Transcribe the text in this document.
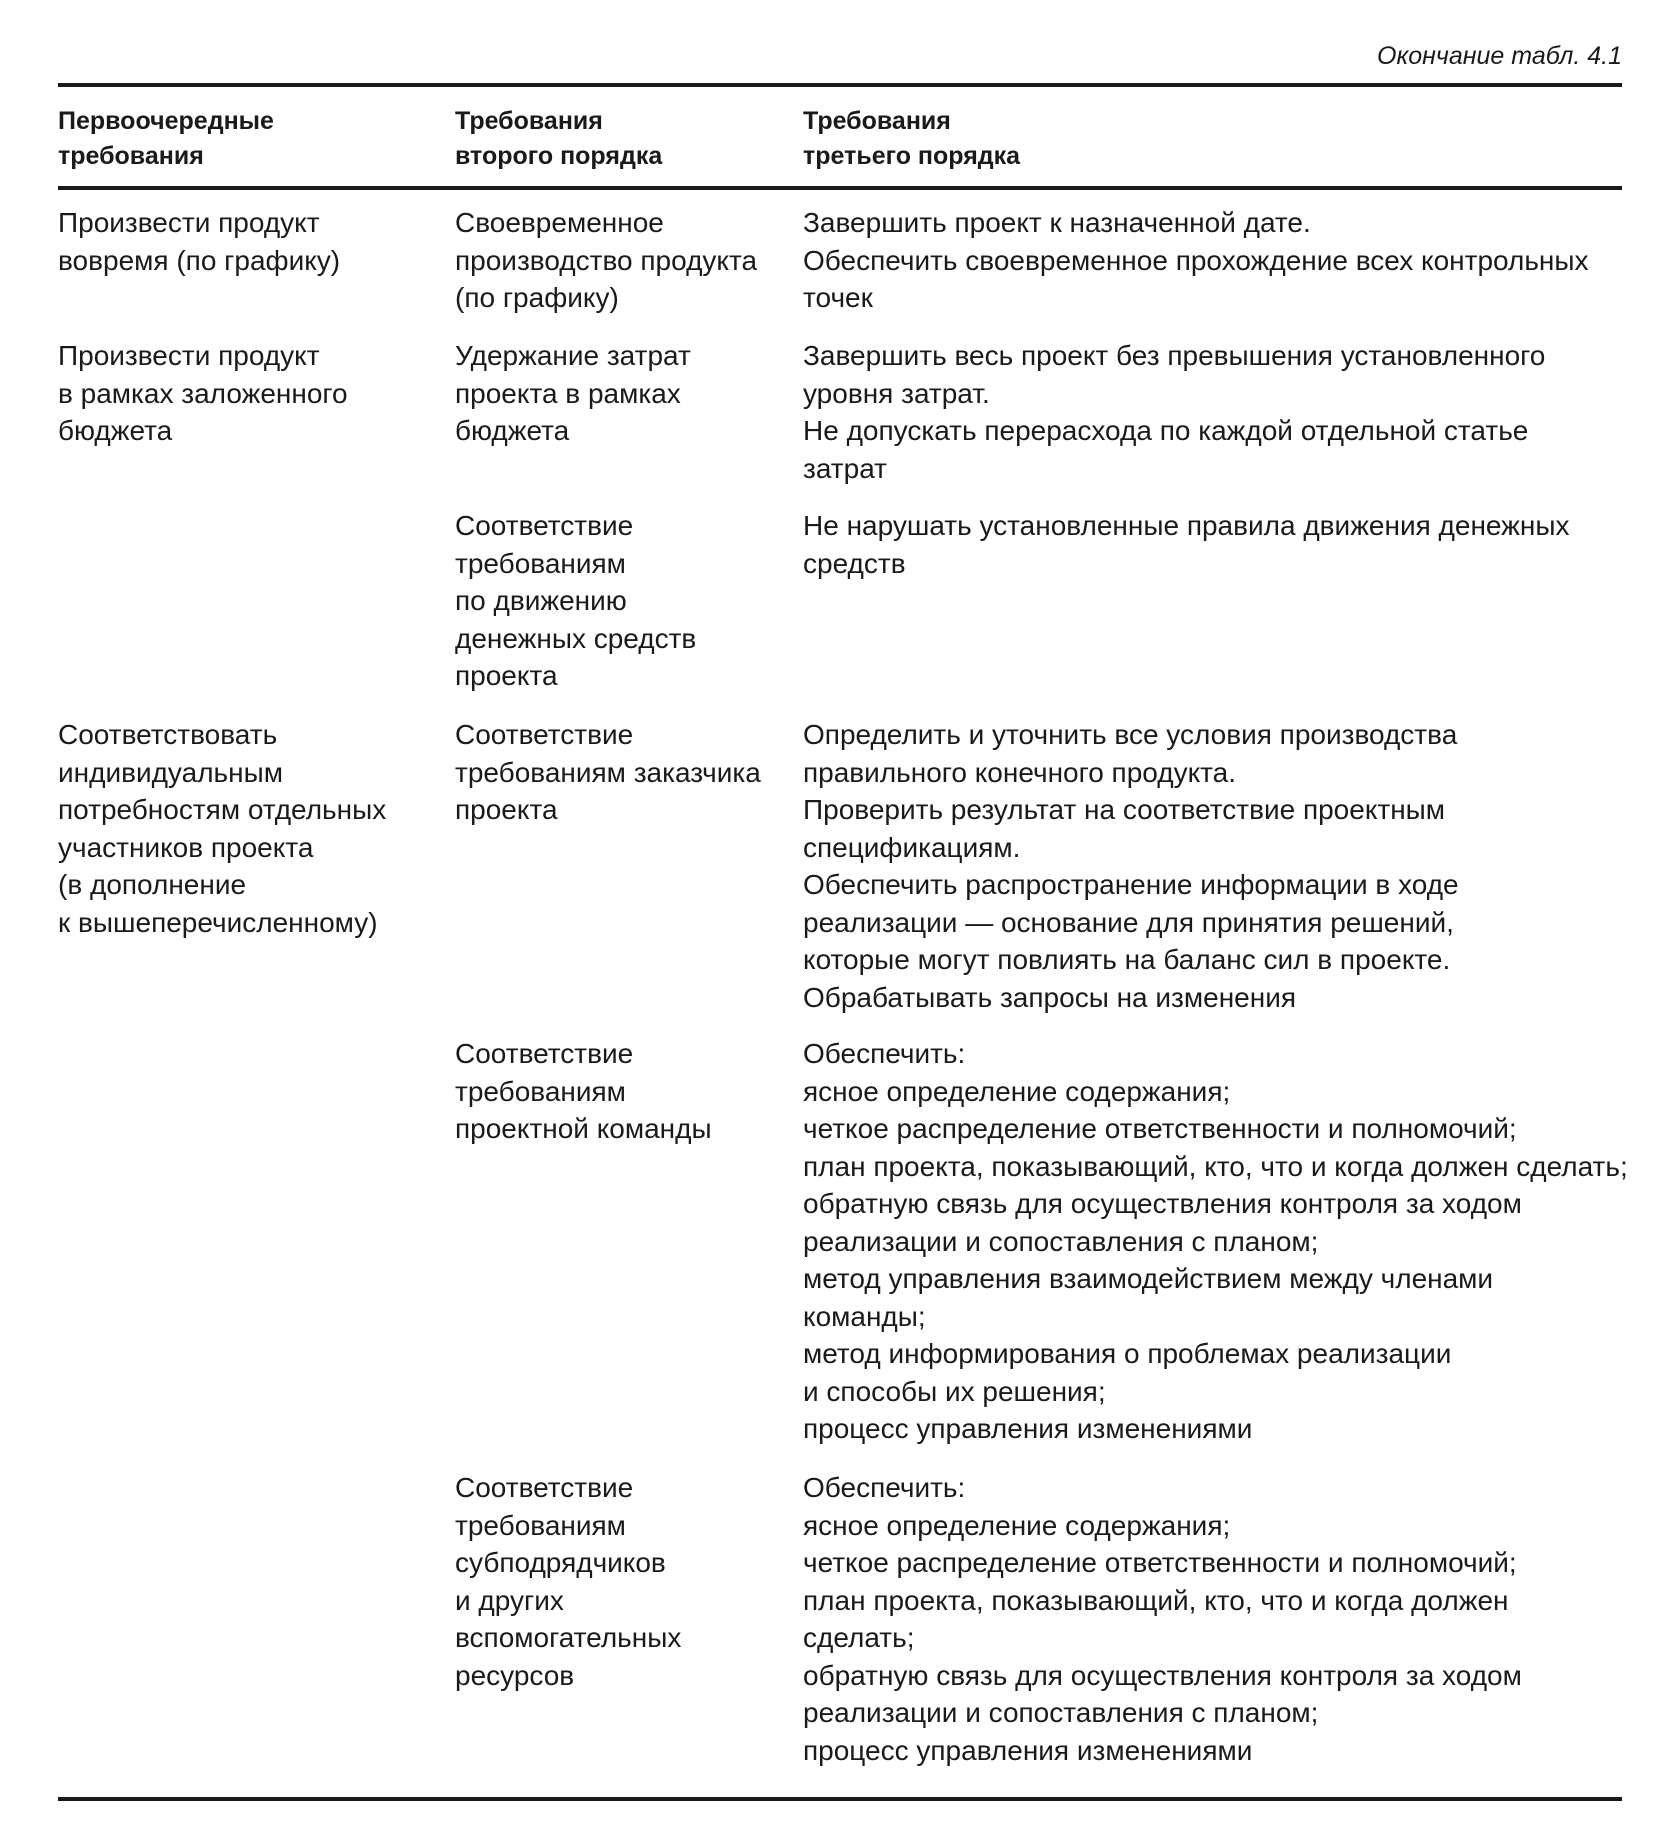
Окончание табл. 4.1
Первоочередные
требования
Требования
второго порядка
Требования
третьего порядка
Произвести продукт
вовремя (по графику)
Своевременное
производство продукта
(по графику)
Завершить проект к назначенной дате.
Обеспечить своевременное прохождение всех контрольных
точек
Произвести продукт
в рамках заложенного
бюджета
Удержание затрат
проекта в рамках
бюджета
Завершить весь проект без превышения установленного
уровня затрат.
Не допускать перерасхода по каждой отдельной статье
затрат
Соответствие
требованиям
по движению
денежных средств
проекта
Не нарушать установленные правила движения денежных
средств
Соответствовать
индивидуальным
потребностям отдельных
участников проекта
(в дополнение
к вышеперечисленному)
Соответствие
требованиям заказчика
проекта
Определить и уточнить все условия производства
правильного конечного продукта.
Проверить результат на соответствие проектным
спецификациям.
Обеспечить распространение информации в ходе
реализации — основание для принятия решений,
которые могут повлиять на баланс сил в проекте.
Обрабатывать запросы на изменения
Соответствие
требованиям
проектной команды
Обеспечить:
ясное определение содержания;
четкое распределение ответственности и полномочий;
план проекта, показывающий, кто, что и когда должен сделать;
обратную связь для осуществления контроля за ходом
реализации и сопоставления с планом;
метод управления взаимодействием между членами
команды;
метод информирования о проблемах реализации
и способы их решения;
процесс управления изменениями
Соответствие
требованиям
субподрядчиков
и других
вспомогательных
ресурсов
Обеспечить:
ясное определение содержания;
четкое распределение ответственности и полномочий;
план проекта, показывающий, кто, что и когда должен
сделать;
обратную связь для осуществления контроля за ходом
реализации и сопоставления с планом;
процесс управления изменениями
